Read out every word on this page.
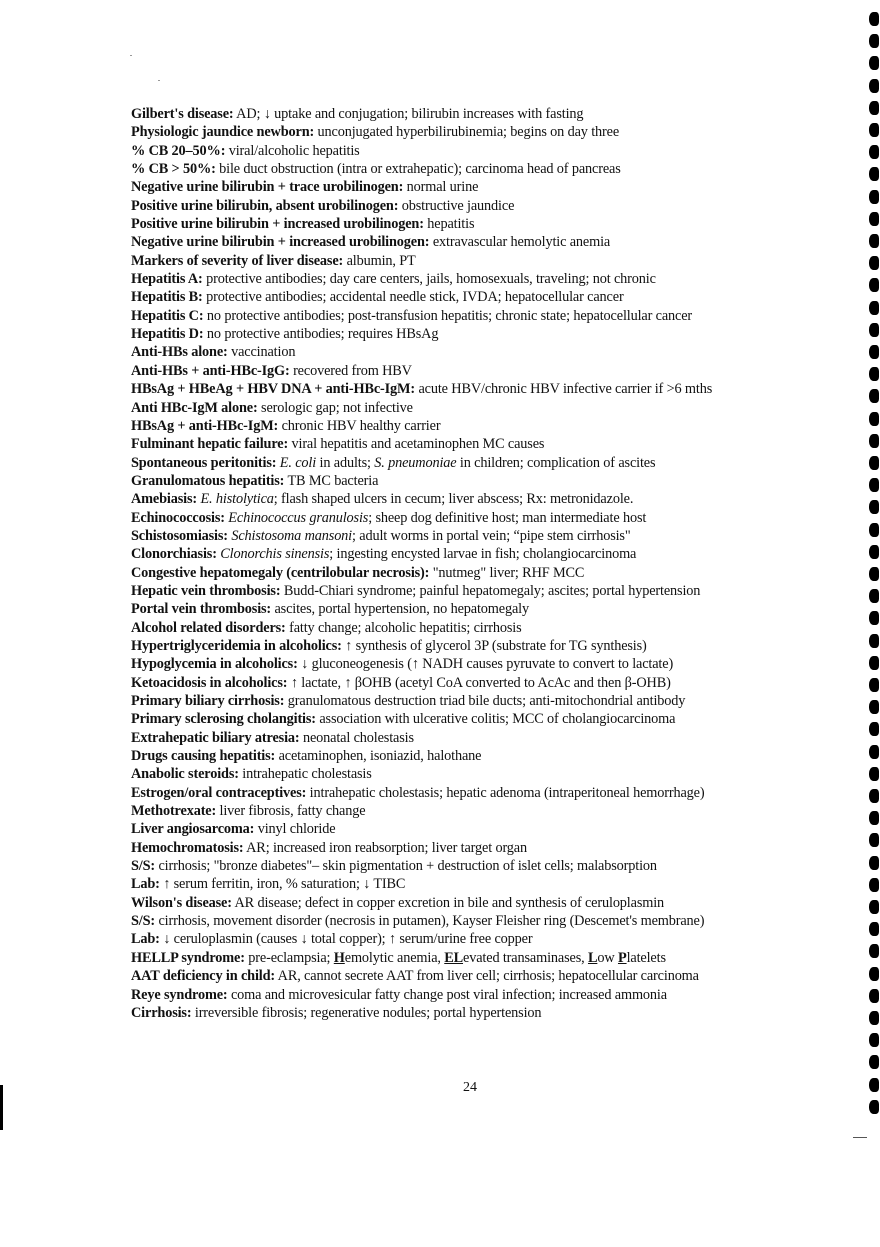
Gilbert's disease: AD; ↓ uptake and conjugation; bilirubin increases with fasting
Physiologic jaundice newborn: unconjugated hyperbilirubinemia; begins on day three
% CB 20–50%: viral/alcoholic hepatitis
% CB > 50%: bile duct obstruction (intra or extrahepatic); carcinoma head of pancreas
Negative urine bilirubin + trace urobilinogen: normal urine
Positive urine bilirubin, absent urobilinogen: obstructive jaundice
Positive urine bilirubin + increased urobilinogen: hepatitis
Negative urine bilirubin + increased urobilinogen: extravascular hemolytic anemia
Markers of severity of liver disease: albumin, PT
Hepatitis A: protective antibodies; day care centers, jails, homosexuals, traveling; not chronic
Hepatitis B: protective antibodies; accidental needle stick, IVDA; hepatocellular cancer
Hepatitis C: no protective antibodies; post-transfusion hepatitis; chronic state; hepatocellular cancer
Hepatitis D: no protective antibodies; requires HBsAg
Anti-HBs alone: vaccination
Anti-HBs + anti-HBc-IgG: recovered from HBV
HBsAg + HBeAg + HBV DNA + anti-HBc-IgM: acute HBV/chronic HBV infective carrier if >6 mths
Anti HBc-IgM alone: serologic gap; not infective
HBsAg + anti-HBc-IgM: chronic HBV healthy carrier
Fulminant hepatic failure: viral hepatitis and acetaminophen MC causes
Spontaneous peritonitis: E. coli in adults; S. pneumoniae in children; complication of ascites
Granulomatous hepatitis: TB MC bacteria
Amebiasis: E. histolytica; flash shaped ulcers in cecum; liver abscess; Rx: metronidazole.
Echinococcosis: Echinococcus granulosis; sheep dog definitive host; man intermediate host
Schistosomiasis: Schistosoma mansoni; adult worms in portal vein; “pipe stem cirrhosis"
Clonorchiasis: Clonorchis sinensis; ingesting encysted larvae in fish; cholangiocarcinoma
Congestive hepatomegaly (centrilobular necrosis): "nutmeg" liver; RHF MCC
Hepatic vein thrombosis: Budd-Chiari syndrome; painful hepatomegaly; ascites; portal hypertension
Portal vein thrombosis: ascites, portal hypertension, no hepatomegaly
Alcohol related disorders: fatty change; alcoholic hepatitis; cirrhosis
Hypertriglyceridemia in alcoholics: ↑ synthesis of glycerol 3P (substrate for TG synthesis)
Hypoglycemia in alcoholics: ↓ gluconeogenesis (↑ NADH causes pyruvate to convert to lactate)
Ketoacidosis in alcoholics: ↑ lactate, ↑ βOHB (acetyl CoA converted to AcAc and then β-OHB)
Primary biliary cirrhosis: granulomatous destruction triad bile ducts; anti-mitochondrial antibody
Primary sclerosing cholangitis: association with ulcerative colitis; MCC of cholangiocarcinoma
Extrahepatic biliary atresia: neonatal cholestasis
Drugs causing hepatitis: acetaminophen, isoniazid, halothane
Anabolic steroids: intrahepatic cholestasis
Estrogen/oral contraceptives: intrahepatic cholestasis; hepatic adenoma (intraperitoneal hemorrhage)
Methotrexate: liver fibrosis, fatty change
Liver angiosarcoma: vinyl chloride
Hemochromatosis: AR; increased iron reabsorption; liver target organ
S/S: cirrhosis; "bronze diabetes"– skin pigmentation + destruction of islet cells; malabsorption
Lab: ↑ serum ferritin, iron, % saturation; ↓ TIBC
Wilson's disease: AR disease; defect in copper excretion in bile and synthesis of ceruloplasmin
S/S: cirrhosis, movement disorder (necrosis in putamen), Kayser Fleisher ring (Descemet's membrane)
Lab: ↓ ceruloplasmin (causes ↓ total copper); ↑ serum/urine free copper
HELLP syndrome: pre-eclampsia; Hemolytic anemia, ELevated transaminases, Low Platelets
AAT deficiency in child: AR, cannot secrete AAT from liver cell; cirrhosis; hepatocellular carcinoma
Reye syndrome: coma and microvesicular fatty change post viral infection; increased ammonia
Cirrhosis: irreversible fibrosis; regenerative nodules; portal hypertension
24
